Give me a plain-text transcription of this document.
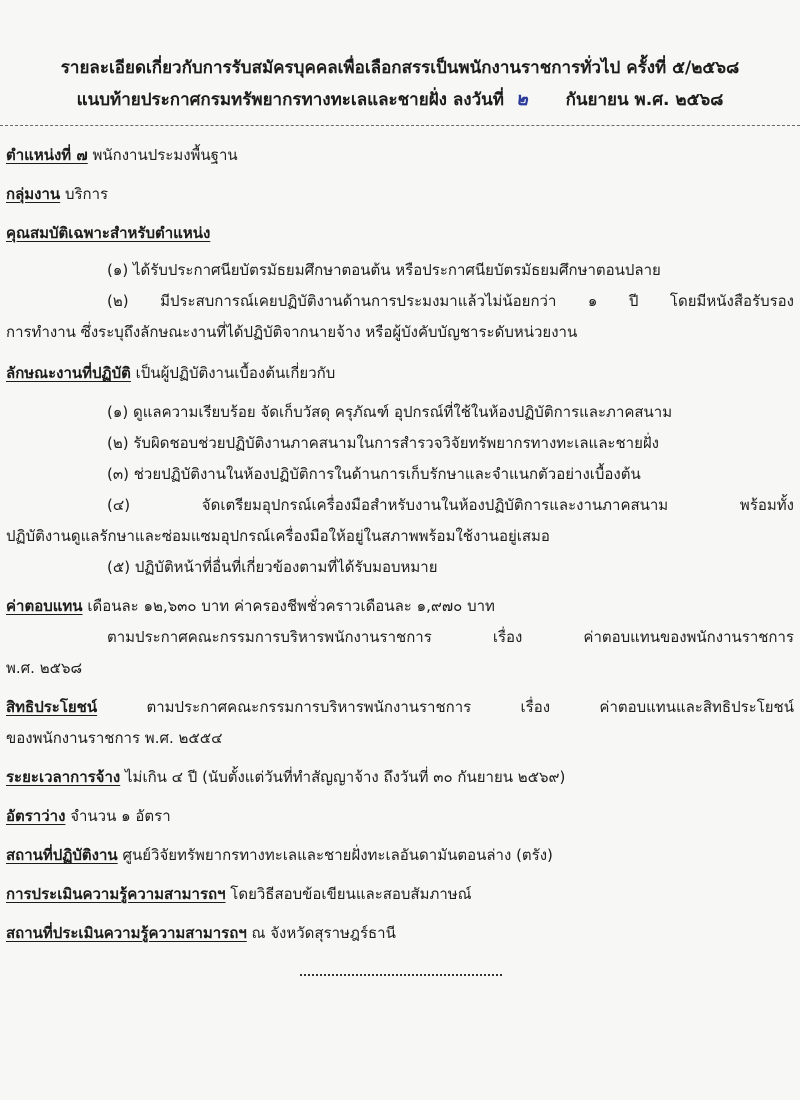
รายละเอียดเกี่ยวกับการรับสมัครบุคคลเพื่อเลือกสรรเป็นพนักงานราชการทั่วไป ครั้งที่ ๕/๒๕๖๘
แนบท้ายประกาศกรมทรัพยากรทางทะเลและชายฝั่ง ลงวันที่ ๒ กันยายน พ.ศ. ๒๕๖๘
ตำแหน่งที่ ๗ พนักงานประมงพื้นฐาน
กลุ่มงาน บริการ
คุณสมบัติเฉพาะสำหรับตำแหน่ง
(๑) ได้รับประกาศนียบัตรมัธยมศึกษาตอนต้น หรือประกาศนียบัตรมัธยมศึกษาตอนปลาย
(๒) มีประสบการณ์เคยปฏิบัติงานด้านการประมงมาแล้วไม่น้อยกว่า ๑ ปี โดยมีหนังสือรับรอง
การทำงาน ซึ่งระบุถึงลักษณะงานที่ได้ปฏิบัติจากนายจ้าง หรือผู้บังคับบัญชาระดับหน่วยงาน
ลักษณะงานที่ปฏิบัติ เป็นผู้ปฏิบัติงานเบื้องต้นเกี่ยวกับ
(๑) ดูแลความเรียบร้อย จัดเก็บวัสดุ ครุภัณฑ์ อุปกรณ์ที่ใช้ในห้องปฏิบัติการและภาคสนาม
(๒) รับผิดชอบช่วยปฏิบัติงานภาคสนามในการสำรวจวิจัยทรัพยากรทางทะเลและชายฝั่ง
(๓) ช่วยปฏิบัติงานในห้องปฏิบัติการในด้านการเก็บรักษาและจำแนกตัวอย่างเบื้องต้น
(๔) จัดเตรียมอุปกรณ์เครื่องมือสำหรับงานในห้องปฏิบัติการและงานภาคสนาม พร้อมทั้ง
ปฏิบัติงานดูแลรักษาและซ่อมแซมอุปกรณ์เครื่องมือให้อยู่ในสภาพพร้อมใช้งานอยู่เสมอ
(๕) ปฏิบัติหน้าที่อื่นที่เกี่ยวข้องตามที่ได้รับมอบหมาย
ค่าตอบแทน เดือนละ ๑๒,๖๓๐ บาท ค่าครองชีพชั่วคราวเดือนละ ๑,๙๗๐ บาท
ตามประกาศคณะกรรมการบริหารพนักงานราชการ เรื่อง ค่าตอบแทนของพนักงานราชการ
พ.ศ. ๒๕๖๘
สิทธิประโยชน์	ตามประกาศคณะกรรมการบริหารพนักงานราชการ เรื่อง ค่าตอบแทนและสิทธิประโยชน์
ของพนักงานราชการ พ.ศ. ๒๕๕๔
ระยะเวลาการจ้าง ไม่เกิน ๔ ปี (นับตั้งแต่วันที่ทำสัญญาจ้าง ถึงวันที่ ๓๐ กันยายน ๒๕๖๙)
อัตราว่าง จำนวน ๑ อัตรา
สถานที่ปฏิบัติงาน ศูนย์วิจัยทรัพยากรทางทะเลและชายฝั่งทะเลอันดามันตอนล่าง (ตรัง)
การประเมินความรู้ความสามารถฯ โดยวิธีสอบข้อเขียนและสอบสัมภาษณ์
สถานที่ประเมินความรู้ความสามารถฯ ณ จังหวัดสุราษฎร์ธานี
